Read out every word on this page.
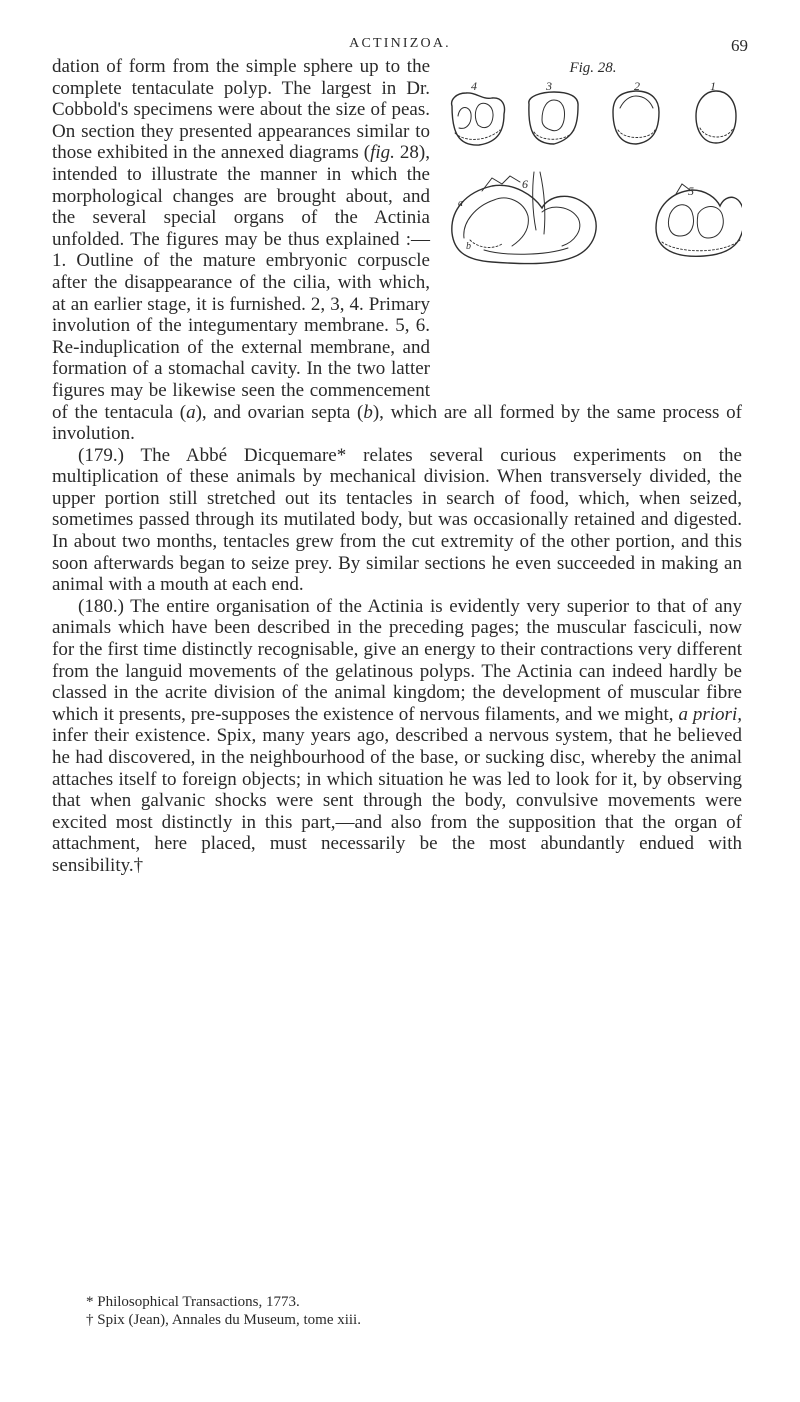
ACTINIZOA.	69
Fig. 28.
4	3	2	1
6	5
b
a

dation of form from the simple sphere up to the complete tentaculate polyp. The largest in Dr. Cobbold's specimens were about the size of peas. On section they presented appearances similar to those exhibited in the annexed diagrams (fig. 28), intended to illustrate the manner in which the morphological changes are brought about, and the several special organs of the Actinia unfolded. The figures may be thus explained :—1. Outline of the mature embryonic corpuscle after the disappearance of the cilia, with which, at an earlier stage, it is furnished. 2, 3, 4. Primary involution of the integumentary membrane. 5, 6. Re-induplication of the external membrane, and formation of a stomachal cavity. In the two latter figures may be likewise seen the commencement of the tentacula (a), and ovarian septa (b), which are all formed by the same process of involution.

(179.) The Abbé Dicquemare* relates several curious experiments on the multiplication of these animals by mechanical division. When transversely divided, the upper portion still stretched out its tentacles in search of food, which, when seized, sometimes passed through its mutilated body, but was occasionally retained and digested. In about two months, tentacles grew from the cut extremity of the other portion, and this soon afterwards began to seize prey. By similar sections he even succeeded in making an animal with a mouth at each end.

(180.) The entire organisation of the Actinia is evidently very superior to that of any animals which have been described in the preceding pages; the muscular fasciculi, now for the first time distinctly recognisable, give an energy to their contractions very different from the languid movements of the gelatinous polyps. The Actinia can indeed hardly be classed in the acrite division of the animal kingdom; the development of muscular fibre which it presents, pre-supposes the existence of nervous filaments, and we might, a priori, infer their existence. Spix, many years ago, described a nervous system, that he believed he had discovered, in the neighbourhood of the base, or sucking disc, whereby the animal attaches itself to foreign objects; in which situation he was led to look for it, by observing that when galvanic shocks were sent through the body, convulsive movements were excited most distinctly in this part,—and also from the supposition that the organ of attachment, here placed, must necessarily be the most abundantly endued with sensibility.†

* Philosophical Transactions, 1773.
† Spix (Jean), Annales du Museum, tome xiii.
